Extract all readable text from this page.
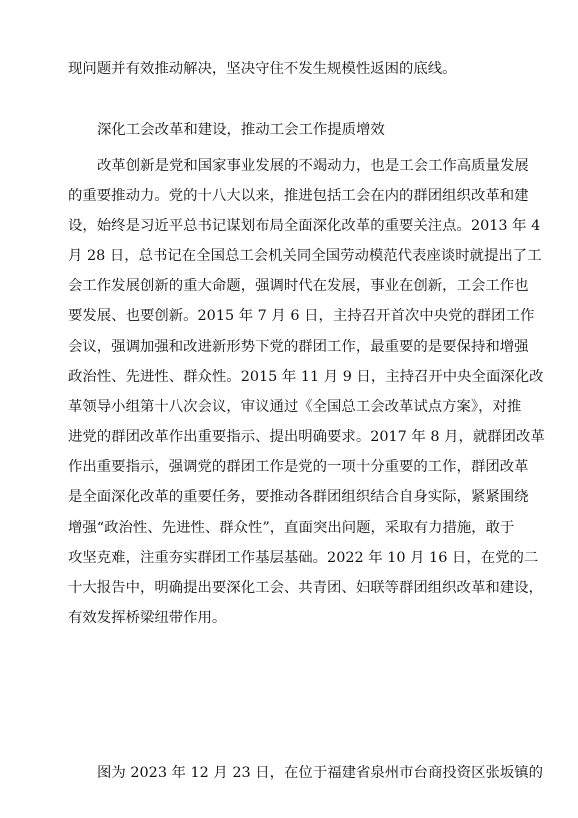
现问题并有效推动解决，坚决守住不发生规模性返困的底线。
深化工会改革和建设，推动工会工作提质增效
改革创新是党和国家事业发展的不竭动力，也是工会工作高质量发展
的重要推动力。党的十八大以来，推进包括工会在内的群团组织改革和建
设，始终是习近平总书记谋划布局全面深化改革的重要关注点。2013 年 4
月 28 日，总书记在全国总工会机关同全国劳动模范代表座谈时就提出了工
会工作发展创新的重大命题，强调时代在发展，事业在创新，工会工作也
要发展、也要创新。2015 年 7 月 6 日，主持召开首次中央党的群团工作
会议，强调加强和改进新形势下党的群团工作，最重要的是要保持和增强
政治性、先进性、群众性。2015 年 11 月 9 日，主持召开中央全面深化改
革领导小组第十八次会议，审议通过《全国总工会改革试点方案》，对推
进党的群团改革作出重要指示、提出明确要求。2017 年 8 月，就群团改革
作出重要指示，强调党的群团工作是党的一项十分重要的工作，群团改革
是全面深化改革的重要任务，要推动各群团组织结合自身实际，紧紧围绕
增强“政治性、先进性、群众性”，直面突出问题，采取有力措施，敢于
攻坚克难，注重夯实群团工作基层基础。2022 年 10 月 16 日，在党的二
十大报告中，明确提出要深化工会、共青团、妇联等群团组织改革和建设，
有效发挥桥梁纽带作用。
图为 2023 年 12 月 23 日，在位于福建省泉州市台商投资区张坂镇的
